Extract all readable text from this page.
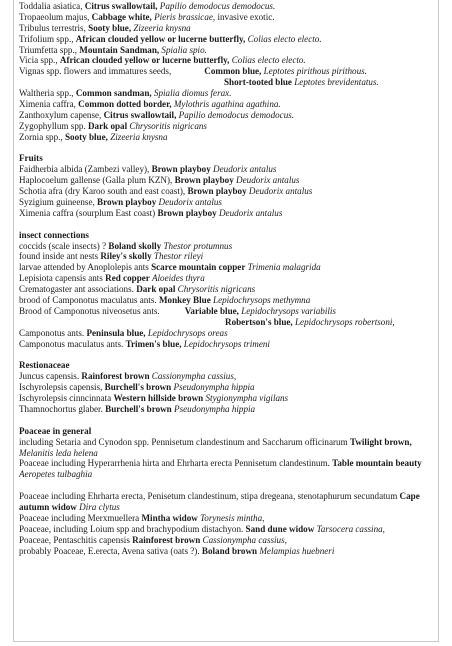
Toddalia asiatica, Citrus swallowtail, Papilio demodocus demodocus.
Tropaeolum majus, Cabbage white, Pieris brassicae, invasive exotic.
Tribulus terrestris, Sooty blue, Zizeeria knysna
Trifolium spp., African clouded yellow or lucerne butterfly, Colias electo electo.
Triumfetta spp., Mountain Sandman, Spialia spio.
Vicia spp., African clouded yellow or lucerne butterfly, Colias electo electo.
Vignas spp. flowers and immatures seeds,	Common blue, Leptotes pirithous pirithous.
Short-tooted blue Leptotes brevidentatus.
Waltheria spp., Common sandman, Spialia diomus ferax.
Ximenia caffra, Common dotted border, Mylothris agathina agathina.
Zanthoxylum capense, Citrus swallowtail, Papilio demodocus demodocus.
Zygophyllum spp. Dark opal Chrysoritis nigricans
Zornia spp., Sooty blue, Zizeeria knysna
Fruits
Faidherbia albida (Zambezi valley), Brown playboy Deudorix antalus
Haplocoelum gallense (Galla plum KZN), Brown playboy Deudorix antalus
Schotia afra (dry Karoo south and east coast), Brown playboy Deudorix antalus
Syzigium guineense, Brown playboy Deudorix antalus
Ximenia caffra (sourplum East coast) Brown playboy Deudorix antalus
insect connections
coccids (scale insects) ? Boland skolly Thestor protumnus
found inside ant nests Riley's skolly Thestor rileyi
larvae attended by Anoplolepis ants Scarce mountain copper Trimenia malagrida
Lepisiota capensis ants Red copper Aloeides thyra
Crematogaster ant associations. Dark opal Chrysoritis nigricans
brood of Camponotus maculatus ants. Monkey Blue Lepidochrysops methymna
Brood of Camponotus niveosetus ants.	Variable blue, Lepidochrysops variabilis
Robertson's blue, Lepidochrysops robertsoni,
Camponotus ants. Peninsula blue, Lepidochrysops oreas
Camponotus maculatus ants. Trimen's blue, Lepidochrysops trimeni
Restionaceae
Juncus capensis. Rainforest brown Cassionympha cassius,
Ischyrolepsis capensis, Burchell's brown Pseudonympha hippia
Ischyrolepsis cinncinnata Western hillside brown Stygionympha vigilans
Thamnochortus glaber. Burchell's brown Pseudonympha hippia
Poaceae in general
including Setaria and Cynodon spp. Pennisetum clandestinum and Saccharum officinarum Twilight brown, Melanitis leda helena
Poaceae including Hyperarrhenia hirta and Ehrharta erecta Pennisetum clandestinum. Table mountain beauty Aeropetes tulbaghia
Poaceae including Ehrharta erecta, Penisetum clandestinum, stipa dregeana, stenotaphurum secundatum Cape autumn widow Dira clytus
Poaceae including Merxmuellera Mintha widow Torynesis mintha,
Poaceae, including Loium spp and brachypodium distachyon. Sand dune widow Tarsocera cassina,
Poaceae, Pentaschitis capensis Rainforest brown Cassionympha cassius,
probably Poaceae, E.erecta, Avena sativa (oats ?). Boland brown Melampias huebneri
